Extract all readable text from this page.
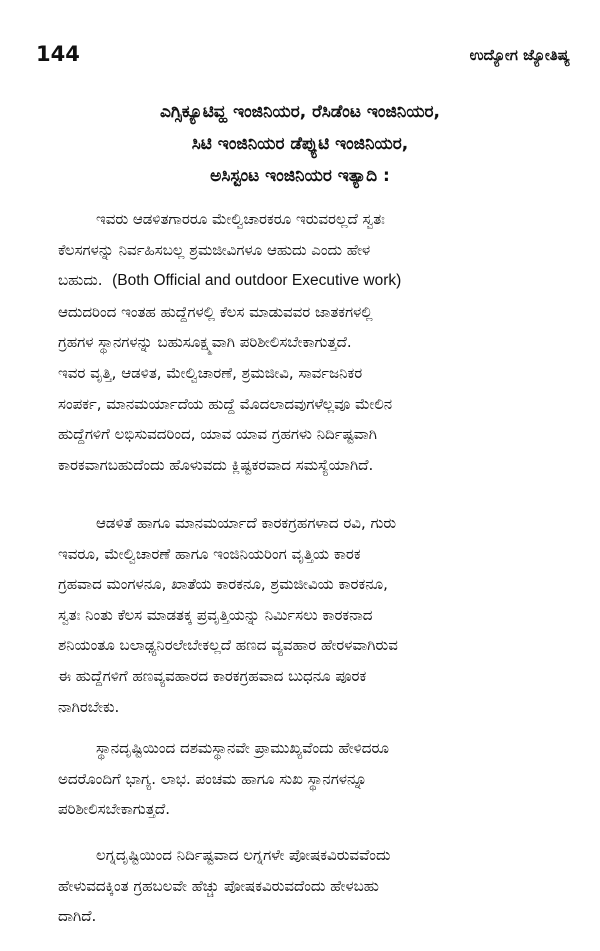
144	ಉದ್ಯೋಗ ಜ್ಯೋತಿಷ್ಯ
ಎಗ್ಸಿಕ್ಯೂಟಿವ್ಹ ಇಂಜಿನಿಯರ, ರೆಸಿಡೆಂಟ ಇಂಜಿನಿಯರ,
ಸಿಟಿ ಇಂಜಿನಿಯರ ಡೆಪ್ಯುಟಿ ಇಂಜಿನಿಯರ,
ಅಸಿಸ್ಟಂಟ ಇಂಜಿನಿಯರ ಇತ್ಯಾದಿ :
ಇವರು ಆಡಳಿತಗಾರರೂ ಮೇಲ್ವಿಚಾರಕರೂ ಇರುವರಲ್ಲದೆ ಸ್ವತಃ
ಕೆಲಸಗಳನ್ನು ನಿರ್ವಹಿಸಬಲ್ಲ ಶ್ರಮಜೀವಿಗಳೂ ಆಹುದು ಎಂದು ಹೇಳ
ಬಹುದು. (Both Official and outdoor Executive work)
ಆದುದರಿಂದ ಇಂತಹ ಹುದ್ದೆಗಳಲ್ಲಿ ಕೆಲಸ ಮಾಡುವವರ ಜಾತಕಗಳಲ್ಲಿ
ಗ್ರಹಗಳ ಸ್ಥಾನಗಳನ್ನು ಬಹುಸೂಕ್ಷ್ಮವಾಗಿ ಪರಿಶೀಲಿಸಬೇಕಾಗುತ್ತದೆ.
ಇವರ ವೃತ್ತಿ, ಆಡಳಿತ, ಮೇಲ್ವಿಚಾರಣೆ, ಶ್ರಮಜೀವಿ, ಸಾರ್ವಜನಿಕರ
ಸಂಪರ್ಕ, ಮಾನಮರ್ಯಾದೆಯ ಹುದ್ದೆ ಮೊದಲಾದವುಗಳೆಲ್ಲವೂ ಮೇಲಿನ
ಹುದ್ದೆಗಳಿಗೆ ಲಭಿಸುವದರಿಂದ, ಯಾವ ಯಾವ ಗ್ರಹಗಳು ನಿರ್ದಿಷ್ಟವಾಗಿ
ಕಾರಕವಾಗಬಹುದೆಂದು ಹೊಳುವದು ಕ್ಲಿಷ್ಟಕರವಾದ ಸಮಸ್ಯೆಯಾಗಿದೆ.
ಆಡಳಿತೆ ಹಾಗೂ ಮಾನಮರ್ಯಾದೆ ಕಾರಕಗ್ರಹಗಳಾದ ರವಿ, ಗುರು
ಇವರೂ, ಮೇಲ್ವಿಚಾರಣೆ ಹಾಗೂ ಇಂಜಿನಿಯರಿಂಗ ವೃತ್ತಿಯ ಕಾರಕ
ಗ್ರಹವಾದ ಮಂಗಳನೂ, ಖಾತೆಯ ಕಾರಕನೂ, ಶ್ರಮಜೀವಿಯ ಕಾರಕನೂ,
ಸ್ವತಃ ನಿಂತು ಕೆಲಸ ಮಾಡತಕ್ಕ ಪ್ರವೃತ್ತಿಯನ್ನು ನಿರ್ಮಿಸಲು ಕಾರಕನಾದ
ಶನಿಯಂತೂ ಬಲಾಢ್ಯನಿರಲೇಬೇಕಲ್ಲದೆ ಹಣದ ವ್ಯವಹಾರ ಹೇರಳವಾಗಿರುವ
ಈ ಹುದ್ದೆಗಳಿಗೆ ಹಣವ್ಯವಹಾರದ ಕಾರಕಗ್ರಹವಾದ ಬುಧನೂ ಪೂರಕ
ನಾಗಿರಬೇಕು.
ಸ್ಥಾನದೃಷ್ಟಿಯಿಂದ ದಶಮಸ್ಥಾನವೇ ಪ್ರಾಮುಖ್ಯವೆಂದು ಹೇಳಿದರೂ
ಅದರೊಂದಿಗೆ ಭಾಗ್ಯ. ಲಾಭ. ಪಂಚಮ ಹಾಗೂ ಸುಖ ಸ್ಥಾನಗಳನ್ನೂ
ಪರಿಶೀಲಿಸಬೇಕಾಗುತ್ತದೆ.
ಲಗ್ನದೃಷ್ಟಿಯಿಂದ ನಿರ್ದಿಷ್ಟವಾದ ಲಗ್ನಗಳೇ ಪೋಷಕವಿರುವವೆಂದು
ಹೇಳುವದಕ್ಕಿಂತ ಗ್ರಹಬಲವೇ ಹೆಚ್ಚು ಪೋಷಕವಿರುವದೆಂದು ಹೇಳಬಹು
ದಾಗಿದೆ.
